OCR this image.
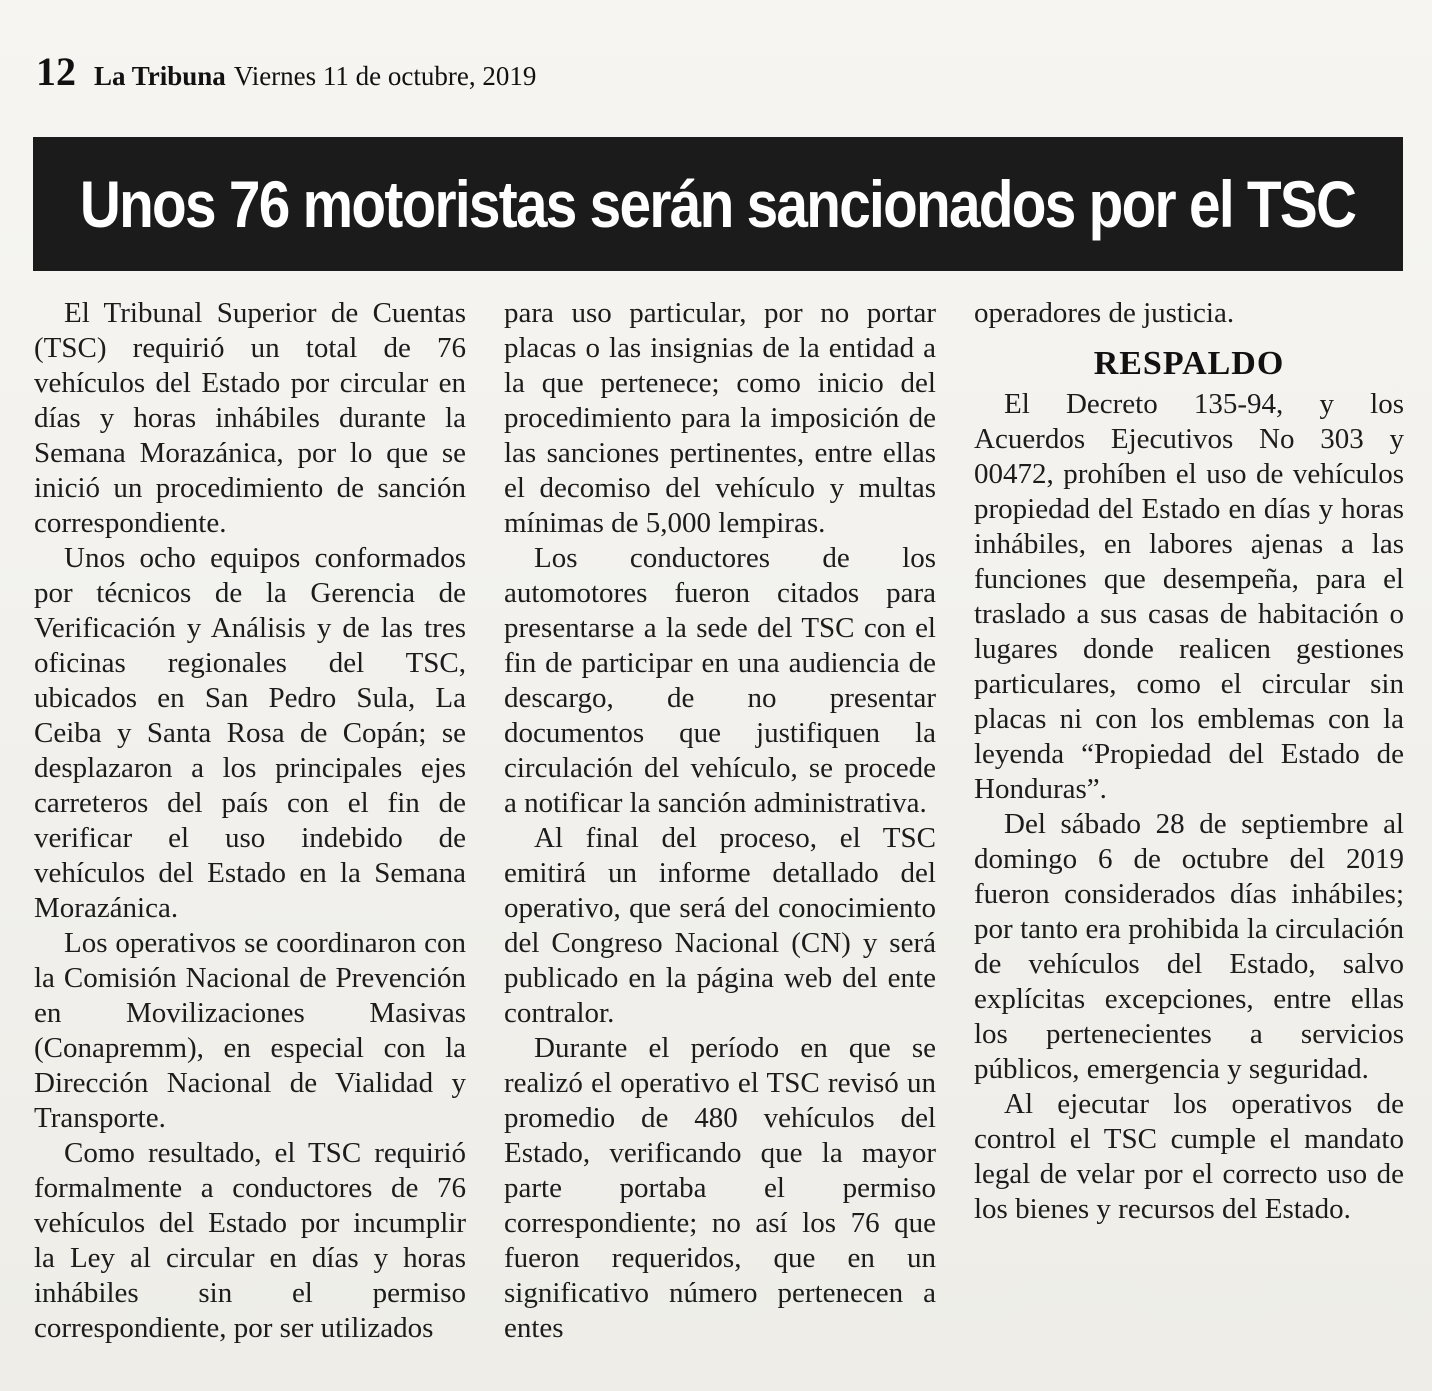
12 La Tribuna Viernes 11 de octubre, 2019
Unos 76 motoristas serán sancionados por el TSC

El Tribunal Superior de Cuentas (TSC) requirió un total de 76 vehículos del Estado por circular en días y horas inhábiles durante la Semana Morazánica, por lo que se inició un procedimiento de sanción correspondiente.

Unos ocho equipos conformados por técnicos de la Gerencia de Verificación y Análisis y de las tres oficinas regionales del TSC, ubicados en San Pedro Sula, La Ceiba y Santa Rosa de Copán; se desplazaron a los principales ejes carreteros del país con el fin de verificar el uso indebido de vehículos del Estado en la Semana Morazánica.

Los operativos se coordinaron con la Comisión Nacional de Prevención en Movilizaciones Masivas (Conapremm), en especial con la Dirección Nacional de Vialidad y Transporte.

Como resultado, el TSC requirió formalmente a conductores de 76 vehículos del Estado por incumplir la Ley al circular en días y horas inhábiles sin el permiso correspondiente, por ser utilizados

para uso particular, por no portar placas o las insignias de la entidad a la que pertenece; como inicio del procedimiento para la imposición de las sanciones pertinentes, entre ellas el decomiso del vehículo y multas mínimas de 5,000 lempiras.

Los conductores de los automotores fueron citados para presentarse a la sede del TSC con el fin de participar en una audiencia de descargo, de no presentar documentos que justifiquen la circulación del vehículo, se procede a notificar la sanción administrativa.

Al final del proceso, el TSC emitirá un informe detallado del operativo, que será del conocimiento del Congreso Nacional (CN) y será publicado en la página web del ente contralor.

Durante el período en que se realizó el operativo el TSC revisó un promedio de 480 vehículos del Estado, verificando que la mayor parte portaba el permiso correspondiente; no así los 76 que fueron requeridos, que en un significativo número pertenecen a entes

operadores de justicia.

RESPALDO

El Decreto 135-94, y los Acuerdos Ejecutivos No 303 y 00472, prohíben el uso de vehículos propiedad del Estado en días y horas inhábiles, en labores ajenas a las funciones que desempeña, para el traslado a sus casas de habitación o lugares donde realicen gestiones particulares, como el circular sin placas ni con los emblemas con la leyenda “Propiedad del Estado de Honduras”.

Del sábado 28 de septiembre al domingo 6 de octubre del 2019 fueron considerados días inhábiles; por tanto era prohibida la circulación de vehículos del Estado, salvo explícitas excepciones, entre ellas los pertenecientes a servicios públicos, emergencia y seguridad.

Al ejecutar los operativos de control el TSC cumple el mandato legal de velar por el correcto uso de los bienes y recursos del Estado.
